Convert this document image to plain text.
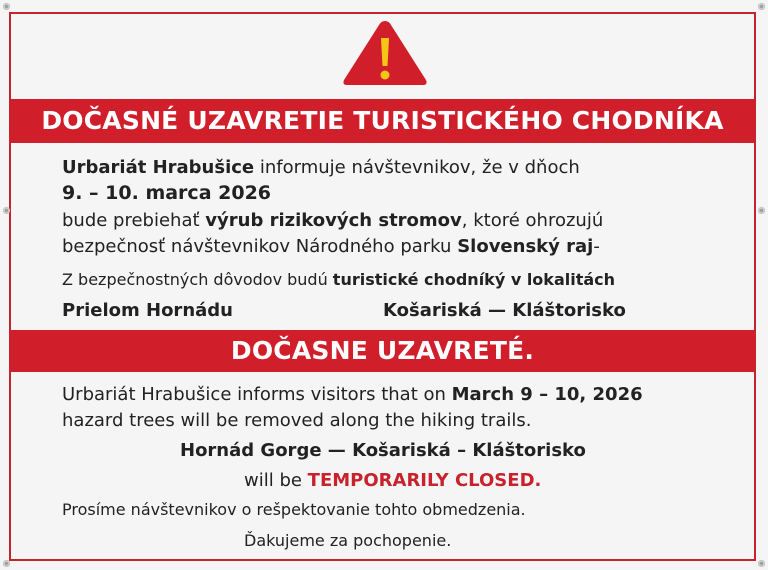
DOČASNÉ UZAVRETIE TURISTICKÉHO CHODNÍKA
Urbariát Hrabušice informuje návštevnikov, že v dňoch
9. – 10. marca 2026
bude prebiehať výrub rizikových stromov, ktoré ohrozujú
bezpečnosť návštevnikov Národného parku Slovenský raj-
Z bezpečnostných dôvodov budú turistické chodníký v lokalitách
Prielom Hornádu	Košariská — Kláštorisko
DOČASNE UZAVRETÉ.
Urbariát Hrabušice informs visitors that on March 9 – 10, 2026
hazard trees will be removed along the hiking trails.
Hornád Gorge — Košariská – Kláštorisko
will be TEMPORARILY CLOSED.
Prosíme návštevnikov o rešpektovanie tohto obmedzenia.
Ďakujeme za pochopenie.
